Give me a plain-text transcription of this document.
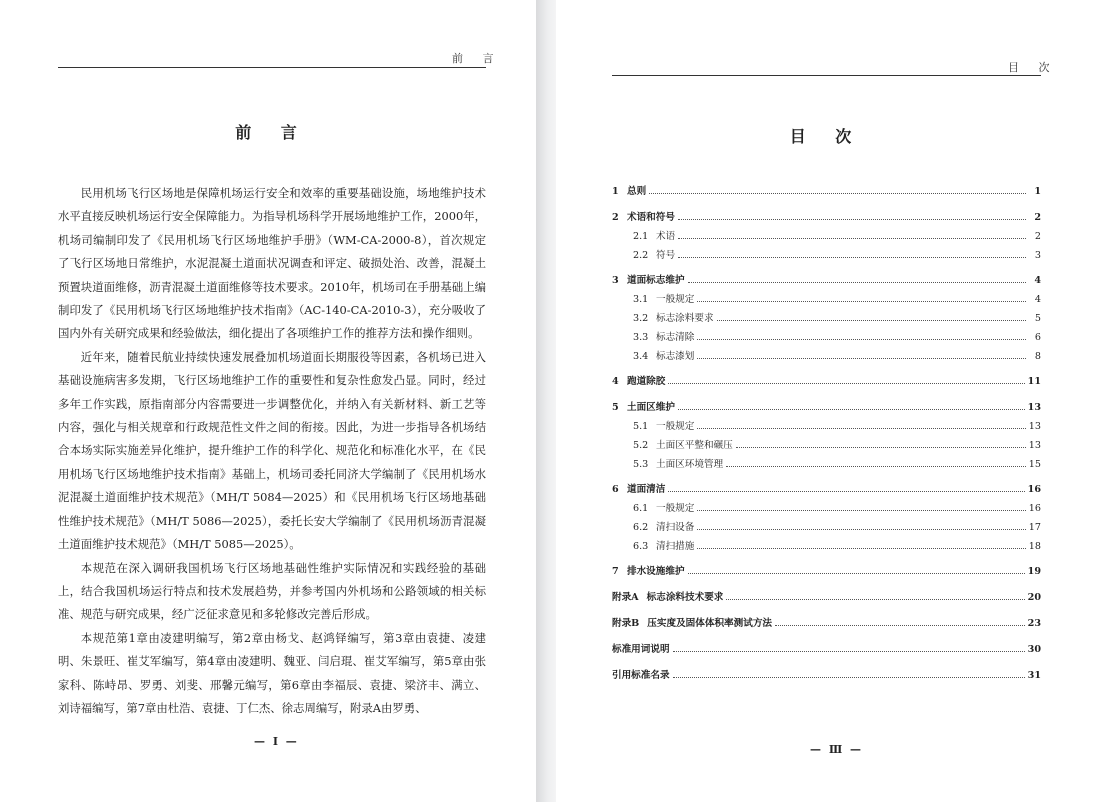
前 言
前 言

民用机场飞行区场地是保障机场运行安全和效率的重要基础设施，场地维护技术水平直接反映机场运行安全保障能力。为指导机场科学开展场地维护工作，2000年，机场司编制印发了《民用机场飞行区场地维护手册》（WM-CA-2000-8），首次规定了飞行区场地日常维护，水泥混凝土道面状况调查和评定、破损处治、改善，混凝土预置块道面维修，沥青混凝土道面维修等技术要求。2010年，机场司在手册基础上编制印发了《民用机场飞行区场地维护技术指南》（AC-140-CA-2010-3），充分吸收了国内外有关研究成果和经验做法，细化提出了各项维护工作的推荐方法和操作细则。

近年来，随着民航业持续快速发展叠加机场道面长期服役等因素，各机场已进入基础设施病害多发期，飞行区场地维护工作的重要性和复杂性愈发凸显。同时，经过多年工作实践，原指南部分内容需要进一步调整优化，并纳入有关新材料、新工艺等内容，强化与相关规章和行政规范性文件之间的衔接。因此，为进一步指导各机场结合本场实际实施差异化维护，提升维护工作的科学化、规范化和标准化水平，在《民用机场飞行区场地维护技术指南》基础上，机场司委托同济大学编制了《民用机场水泥混凝土道面维护技术规范》（MH/T 5084—2025）和《民用机场飞行区场地基础性维护技术规范》（MH/T 5086—2025），委托长安大学编制了《民用机场沥青混凝土道面维护技术规范》（MH/T 5085—2025）。

本规范在深入调研我国机场飞行区场地基础性维护实际情况和实践经验的基础上，结合我国机场运行特点和技术发展趋势，并参考国内外机场和公路领域的相关标准、规范与研究成果，经广泛征求意见和多轮修改完善后形成。

本规范第1章由凌建明编写，第2章由杨戈、赵鸿铎编写，第3章由袁捷、凌建明、朱景旺、崔艾军编写，第4章由凌建明、魏亚、闫启琨、崔艾军编写，第5章由张家科、陈峙昂、罗勇、刘斐、邢馨元编写，第6章由李福辰、袁捷、梁济丰、满立、刘诗福编写，第7章由杜浩、袁捷、丁仁杰、徐志周编写，附录A由罗勇、

— I —
目 次
目 次
— Ⅲ —
1 总则	1
2 术语和符号	2
2.1 术语	2
2.2 符号	3
3 道面标志维护	4
3.1 一般规定	4
3.2 标志涂料要求	5
3.3 标志清除	6
3.4 标志漆划	8
4 跑道除胶	11
5 土面区维护	13
5.1 一般规定	13
5.2 土面区平整和碾压	13
5.3 土面区环境管理	15
6 道面清洁	16
6.1 一般规定	16
6.2 清扫设备	17
6.3 清扫措施	18
7 排水设施维护	19
附录A 标志涂料技术要求	20
附录B 压实度及固体体积率测试方法	23
标准用词说明	30
引用标准名录	31
